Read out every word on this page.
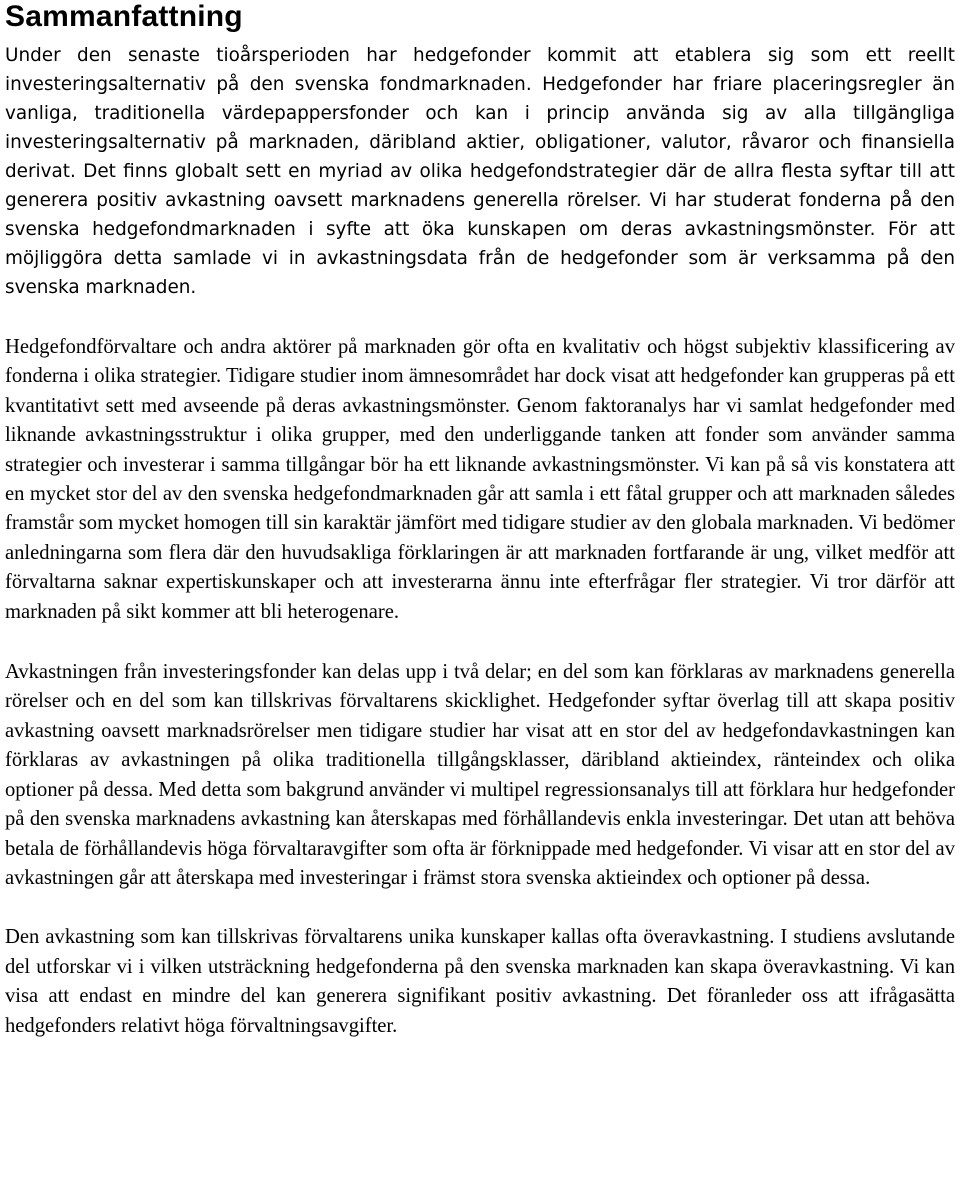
Sammanfattning

Under den senaste tioårsperioden har hedgefonder kommit att etablera sig som ett reellt investeringsalternativ på den svenska fondmarknaden. Hedgefonder har friare placeringsregler än vanliga, traditionella värdepappersfonder och kan i princip använda sig av alla tillgängliga investeringsalternativ på marknaden, däribland aktier, obligationer, valutor, råvaror och finansiella derivat. Det finns globalt sett en myriad av olika hedgefondstrategier där de allra flesta syftar till att generera positiv avkastning oavsett marknadens generella rörelser. Vi har studerat fonderna på den svenska hedgefondmarknaden i syfte att öka kunskapen om deras avkastningsmönster. För att möjliggöra detta samlade vi in avkastningsdata från de hedgefonder som är verksamma på den svenska marknaden.

Hedgefondförvaltare och andra aktörer på marknaden gör ofta en kvalitativ och högst subjektiv klassificering av fonderna i olika strategier. Tidigare studier inom ämnesområdet har dock visat att hedgefonder kan grupperas på ett kvantitativt sett med avseende på deras avkastningsmönster. Genom faktoranalys har vi samlat hedgefonder med liknande avkastningsstruktur i olika grupper, med den underliggande tanken att fonder som använder samma strategier och investerar i samma tillgångar bör ha ett liknande avkastningsmönster. Vi kan på så vis konstatera att en mycket stor del av den svenska hedgefondmarknaden går att samla i ett fåtal grupper och att marknaden således framstår som mycket homogen till sin karaktär jämfört med tidigare studier av den globala marknaden. Vi bedömer anledningarna som flera där den huvudsakliga förklaringen är att marknaden fortfarande är ung, vilket medför att förvaltarna saknar expertiskunskaper och att investerarna ännu inte efterfrågar fler strategier. Vi tror därför att marknaden på sikt kommer att bli heterogenare.

Avkastningen från investeringsfonder kan delas upp i två delar; en del som kan förklaras av marknadens generella rörelser och en del som kan tillskrivas förvaltarens skicklighet. Hedgefonder syftar överlag till att skapa positiv avkastning oavsett marknadsrörelser men tidigare studier har visat att en stor del av hedgefondavkastningen kan förklaras av avkastningen på olika traditionella tillgångsklasser, däribland aktieindex, ränteindex och olika optioner på dessa. Med detta som bakgrund använder vi multipel regressionsanalys till att förklara hur hedgefonder på den svenska marknadens avkastning kan återskapas med förhållandevis enkla investeringar. Det utan att behöva betala de förhållandevis höga förvaltaravgifter som ofta är förknippade med hedgefonder. Vi visar att en stor del av avkastningen går att återskapa med investeringar i främst stora svenska aktieindex och optioner på dessa.

Den avkastning som kan tillskrivas förvaltarens unika kunskaper kallas ofta överavkastning. I studiens avslutande del utforskar vi i vilken utsträckning hedgefonderna på den svenska marknaden kan skapa överavkastning. Vi kan visa att endast en mindre del kan generera signifikant positiv avkastning. Det föranleder oss att ifrågasätta hedgefonders relativt höga förvaltningsavgifter.
